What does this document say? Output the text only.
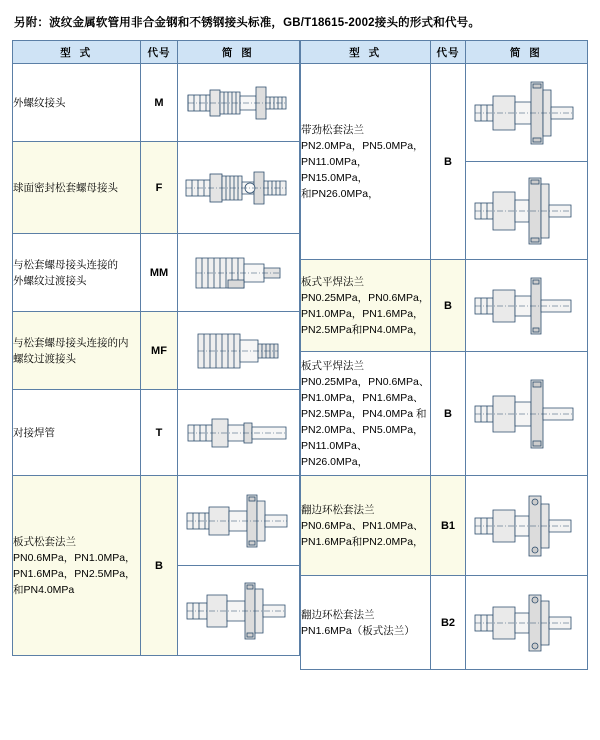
另附：波纹金属软管用非合金钢和不锈钢接头标准，GB/T18615-2002接头的形式和代号。
型 式	代号	简 图

外螺纹接头	M	

球面密封松套螺母接头	F	

与松套螺母接头连接的
外螺纹过渡接头
	MM	

与松套螺母接头连接的内
螺纹过渡接头
	MF	

对接焊管	T	

板式松套法兰
PN0.6MPa，PN1.0MPa，
PN1.6MPa，PN2.5MPa，
和PN4.0MPa
	B	

型 式	代号	简 图

带劲松套法兰
PN2.0MPa，PN5.0MPa，
PN11.0MPa，PN15.0MPa，
和PN26.0MPa，
	B	

板式平焊法兰
PN0.25MPa，PN0.6MPa，
PN1.0MPa，PN1.6MPa，
PN2.5MPa和PN4.0MPa，
	B	

板式平焊法兰
PN0.25MPa，PN0.6MPa、
PN1.0MPa，PN1.6MPa、
PN2.5MPa，PN4.0MPa 和
PN2.0MPa、PN5.0MPa，
PN11.0MPa、PN26.0MPa，
	B	

翻边环松套法兰
PN0.6MPa、PN1.0MPa、
PN1.6MPa和PN2.0MPa，
	B1	

翻边环松套法兰
PN1.6MPa（板式法兰）
	B2	
